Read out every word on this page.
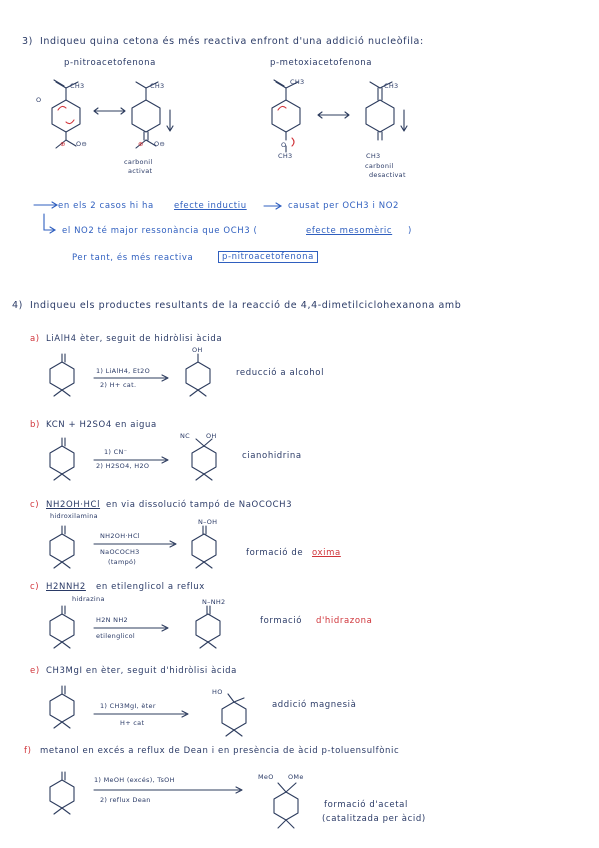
3) Indiqueu quina cetona és més reactiva enfront d'una addició nucleòfila:
p-nitroacetofenona	p-metoxiacetofenona
CH3
O
⊕ O⊖
CH3
⊕ O⊖
carbonil
activat
CH3
O
CH3
CH3
CH3
carbonil
desactivat
en els 2 casos hi ha efecte inductiu	causat per OCH3 i NO2
el NO2 té major ressonància que OCH3 (	efecte mesomèric )
Per tant, és més reactiva	p-nitroacetofenona
4) Indiqueu els productes resultants de la reacció de 4,4-dimetilciclohexanona amb
a) LiAlH4 èter, seguit de hidròlisi àcida
1) LiAlH4, Et2O
2) H+ cat.
OH
reducció a alcohol
b) KCN + H2SO4 en aigua
1) CN⁻
2) H2SO4, H2O
NC OH
cianohidrina
c) NH2OH·HCl en via dissolució tampó de NaOCOCH3
hidroxilamina
NH2OH·HCl
NaOCOCH3
(tampó)
N–OH
formació de oxima
c) H2NNH2 en etilenglicol a reflux
hidrazina
H2N NH2
etilenglicol
N–NH2
formació d'hidrazona
e) CH3MgI en èter, seguit d'hidròlisi àcida
1) CH3MgI, èter
H+ cat
HO
addició magnesià
f) metanol en excés a reflux de Dean i en presència de àcid p-toluensulfònic
1) MeOH (excés), TsOH
2) reflux Dean
MeO OMe
formació d'acetal
(catalitzada per àcid)
